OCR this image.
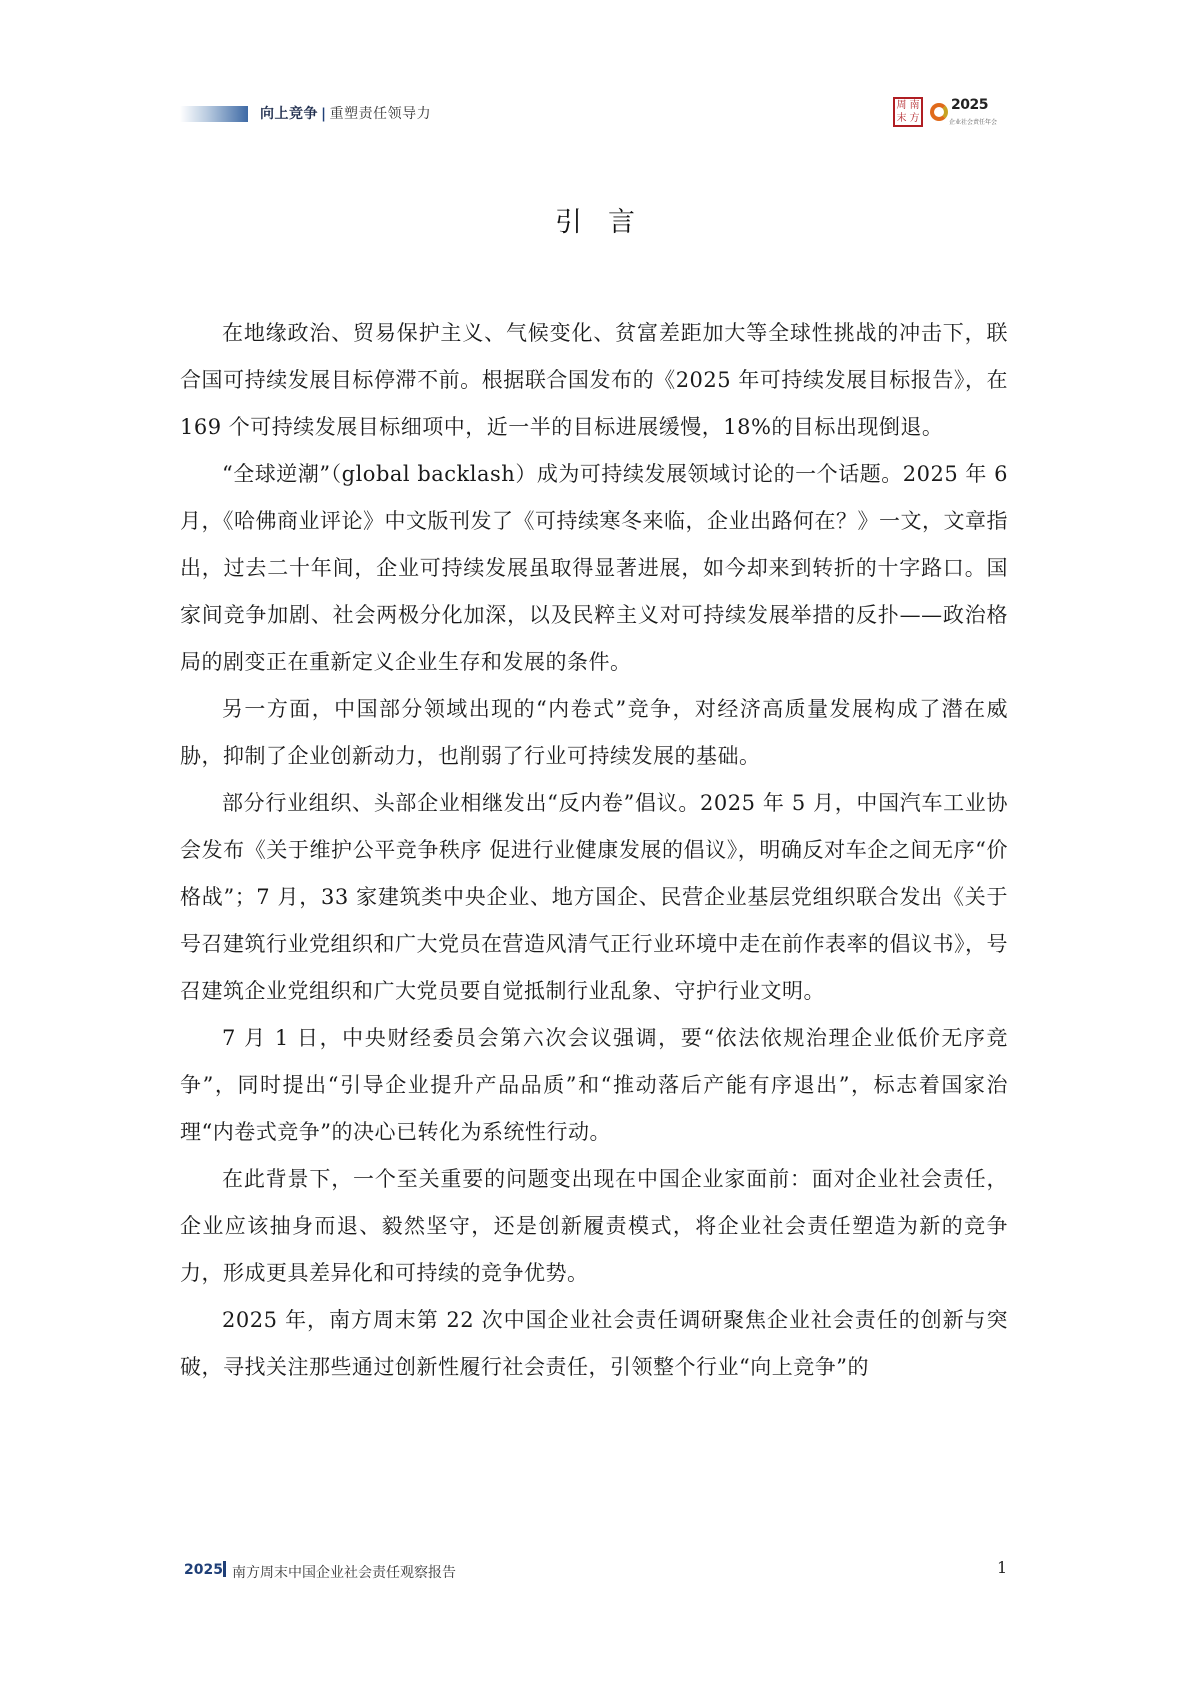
向上竞争 | 重塑责任领导力
周 南
末 方
2025
企业社会责任年会
引言

在地缘政治、贸易保护主义、气候变化、贫富差距加大等全球性挑战的冲击下，联合国可持续发展目标停滞不前。根据联合国发布的《2025 年可持续发展目标报告》，在 169 个可持续发展目标细项中，近一半的目标进展缓慢，18%的目标出现倒退。

“全球逆潮”（global backlash）成为可持续发展领域讨论的一个话题。2025 年 6 月，《哈佛商业评论》中文版刊发了《可持续寒冬来临，企业出路何在？》一文，文章指出，过去二十年间，企业可持续发展虽取得显著进展，如今却来到转折的十字路口。国家间竞争加剧、社会两极分化加深，以及民粹主义对可持续发展举措的反扑——政治格局的剧变正在重新定义企业生存和发展的条件。

另一方面，中国部分领域出现的“内卷式”竞争，对经济高质量发展构成了潜在威胁，抑制了企业创新动力，也削弱了行业可持续发展的基础。

部分行业组织、头部企业相继发出“反内卷”倡议。2025 年 5 月，中国汽车工业协会发布《关于维护公平竞争秩序 促进行业健康发展的倡议》，明确反对车企之间无序“价格战”；7 月，33 家建筑类中央企业、地方国企、民营企业基层党组织联合发出《关于号召建筑行业党组织和广大党员在营造风清气正行业环境中走在前作表率的倡议书》，号召建筑企业党组织和广大党员要自觉抵制行业乱象、守护行业文明。

7 月 1 日，中央财经委员会第六次会议强调，要“依法依规治理企业低价无序竞争”，同时提出“引导企业提升产品品质”和“推动落后产能有序退出”，标志着国家治理“内卷式竞争”的决心已转化为系统性行动。

在此背景下，一个至关重要的问题变出现在中国企业家面前：面对企业社会责任，企业应该抽身而退、毅然坚守，还是创新履责模式，将企业社会责任塑造为新的竞争力，形成更具差异化和可持续的竞争优势。

2025 年，南方周末第 22 次中国企业社会责任调研聚焦企业社会责任的创新与突破，寻找关注那些通过创新性履行社会责任，引领整个行业“向上竞争”的

2025 南方周末中国企业社会责任观察报告	1
